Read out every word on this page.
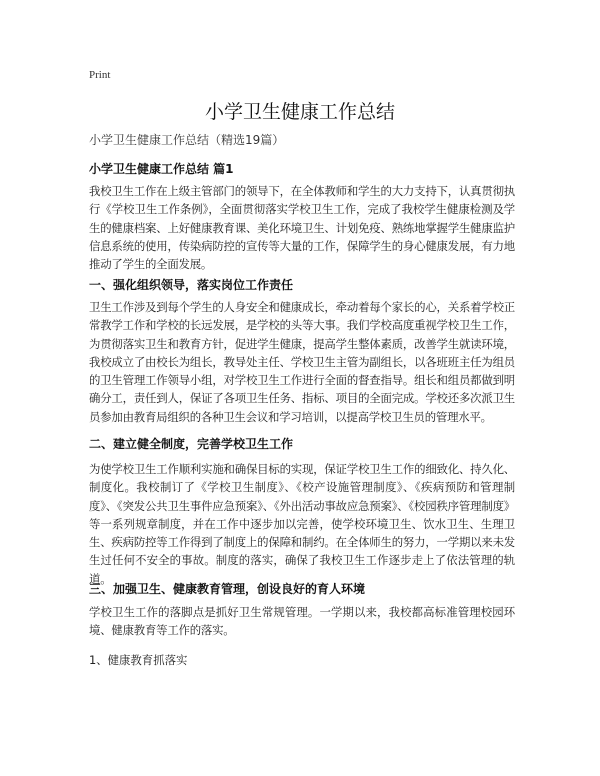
Print
小学卫生健康工作总结
小学卫生健康工作总结（精选19篇）
小学卫生健康工作总结 篇1
我校卫生工作在上级主管部门的领导下，在全体教师和学生的大力支持下，认真贯彻执行《学校卫生工作条例》，全面贯彻落实学校卫生工作，完成了我校学生健康检测及学生的健康档案、上好健康教育课、美化环境卫生、计划免疫、熟练地掌握学生健康监护信息系统的使用，传染病防控的宣传等大量的工作，保障学生的身心健康发展，有力地推动了学生的全面发展。
一、强化组织领导，落实岗位工作责任
卫生工作涉及到每个学生的人身安全和健康成长，牵动着每个家长的心，关系着学校正常教学工作和学校的长远发展，是学校的头等大事。我们学校高度重视学校卫生工作，为贯彻落实卫生和教育方针，促进学生健康，提高学生整体素质，改善学生就读环境，我校成立了由校长为组长，教导处主任、学校卫生主管为副组长，以各班班主任为组员的卫生管理工作领导小组，对学校卫生工作进行全面的督查指导。组长和组员都做到明确分工，责任到人，保证了各项卫生任务、指标、项目的全面完成。学校还多次派卫生员参加由教育局组织的各种卫生会议和学习培训，以提高学校卫生员的管理水平。
二、建立健全制度，完善学校卫生工作
为使学校卫生工作顺利实施和确保目标的实现，保证学校卫生工作的细致化、持久化、制度化。我校制订了《学校卫生制度》、《校产设施管理制度》、《疾病预防和管理制度》、《突发公共卫生事件应急预案》、《外出活动事故应急预案》、《校园秩序管理制度》等一系列规章制度，并在工作中逐步加以完善，使学校环境卫生、饮水卫生、生理卫生、疾病防控等工作得到了制度上的保障和制约。在全体师生的努力，一学期以来未发生过任何不安全的事故。制度的落实，确保了我校卫生工作逐步走上了依法管理的轨道。
三、加强卫生、健康教育管理，创设良好的育人环境
学校卫生工作的落脚点是抓好卫生常规管理。一学期以来，我校都高标准管理校园环境、健康教育等工作的落实。
1、健康教育抓落实
